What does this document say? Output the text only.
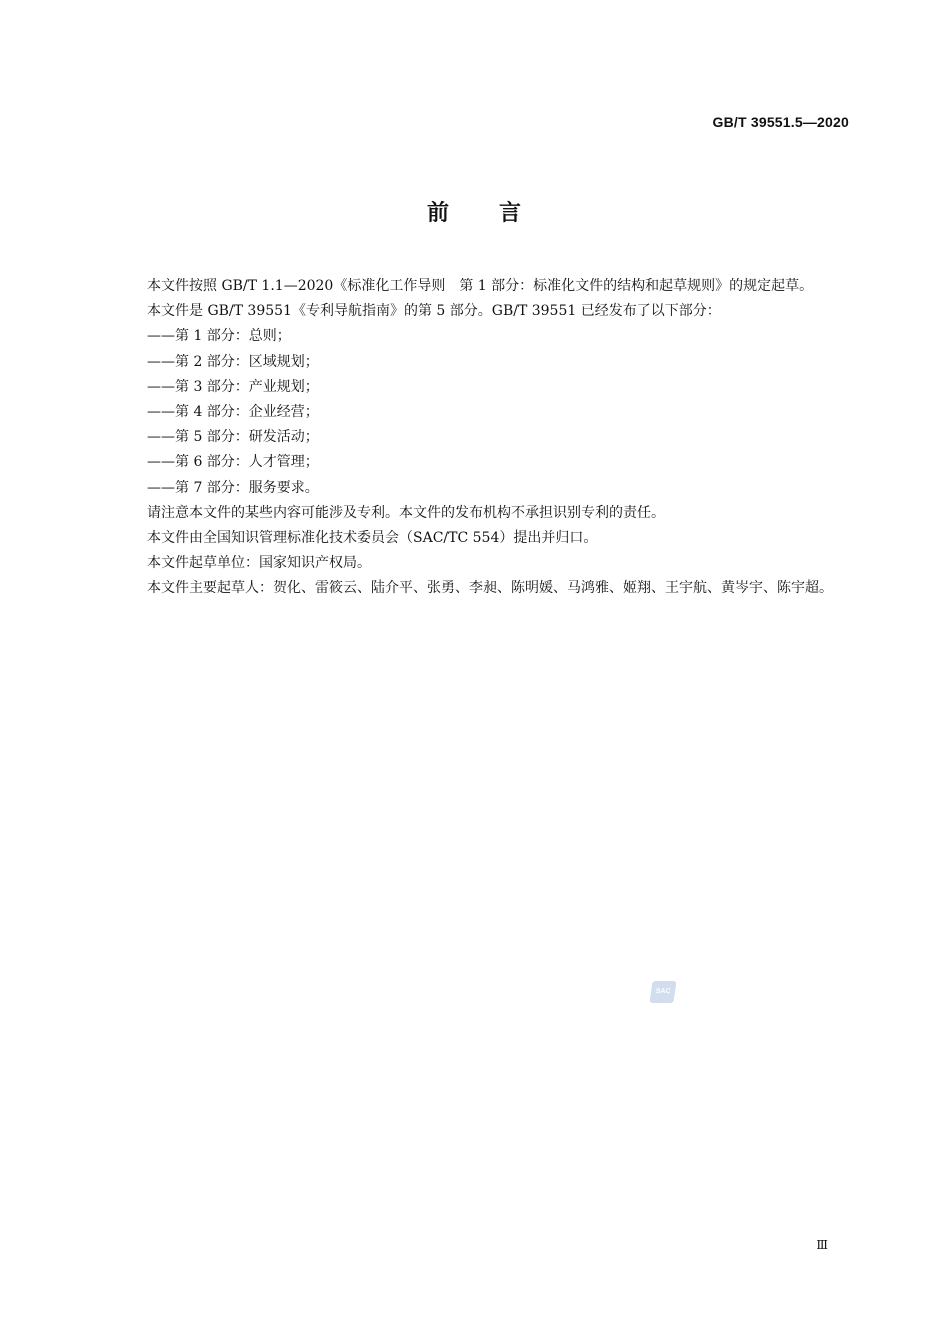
GB/T 39551.5—2020
前　　言

本文件按照 GB/T 1.1—2020《标准化工作导则　第 1 部分：标准化文件的结构和起草规则》的规定起草。

本文件是 GB/T 39551《专利导航指南》的第 5 部分。GB/T 39551 已经发布了以下部分：

——第 1 部分：总则；

——第 2 部分：区域规划；

——第 3 部分：产业规划；

——第 4 部分：企业经营；

——第 5 部分：研发活动；

——第 6 部分：人才管理；

——第 7 部分：服务要求。

请注意本文件的某些内容可能涉及专利。本文件的发布机构不承担识别专利的责任。

本文件由全国知识管理标准化技术委员会（SAC/TC 554）提出并归口。

本文件起草单位：国家知识产权局。

本文件主要起草人：贺化、雷筱云、陆介平、张勇、李昶、陈明媛、马鸿雅、姬翔、王宇航、黄岑宇、陈宇超。

SAC
Ⅲ
